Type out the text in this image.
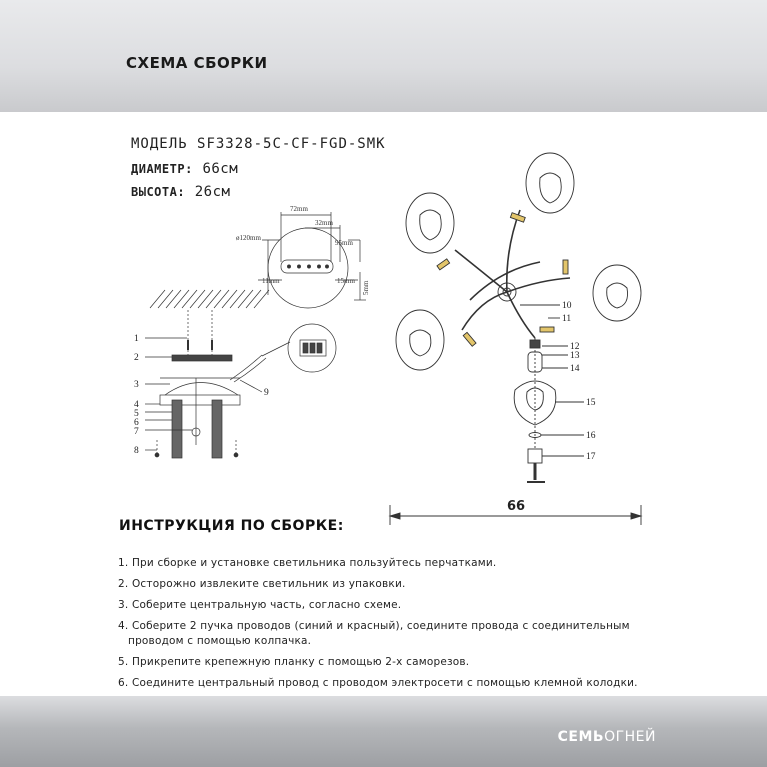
СХЕМА СБОРКИ
МОДЕЛЬ SF3328-5C-CF-FGD-SMK
ДИАМЕТР: 66см
ВЫСОТА: 26см
72mm
32mm
ø120mm
95mm
11mm	15mm 5mm
1
2
3
4
5
6
7
8
9
10
11
12
13
14
15
16
17
66
ИНСТРУКЦИЯ ПО СБОРКЕ:
1. При сборке и установке светильника пользуйтесь перчатками.
2. Осторожно извлеките светильник из упаковки.
3. Соберите центральную часть, согласно схеме.
4. Соберите 2 пучка проводов (синий и красный), соедините провода с соединительным
проводом с помощью колпачка.
5. Прикрепите крепежную планку с помощью 2-х саморезов.
6. Соедините центральный провод с проводом электросети с помощью клемной колодки.
СЕМЬОГНЕЙ
